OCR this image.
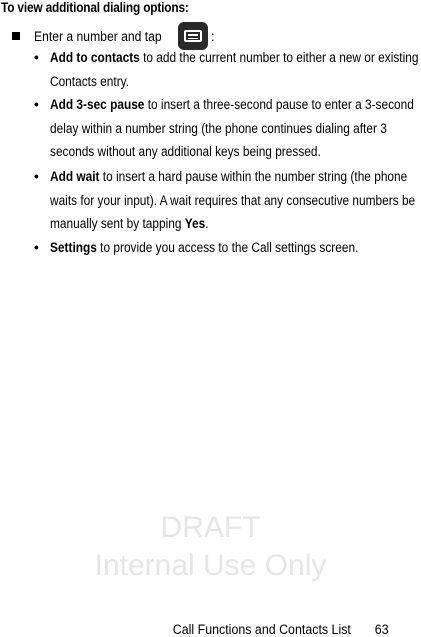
To view additional dialing options:
Enter a number and tap	:
• Add to contacts to add the current number to either a new or existing Contacts entry.
• Add 3-sec pause to insert a three-second pause to enter a 3-second delay within a number string (the phone continues dialing after 3 seconds without any additional keys being pressed.
• Add wait to insert a hard pause within the number string (the phone waits for your input). A wait requires that any consecutive numbers be manually sent by tapping Yes.
• Settings to provide you access to the Call settings screen.
DRAFT
Internal Use Only
Call Functions and Contacts List 63
